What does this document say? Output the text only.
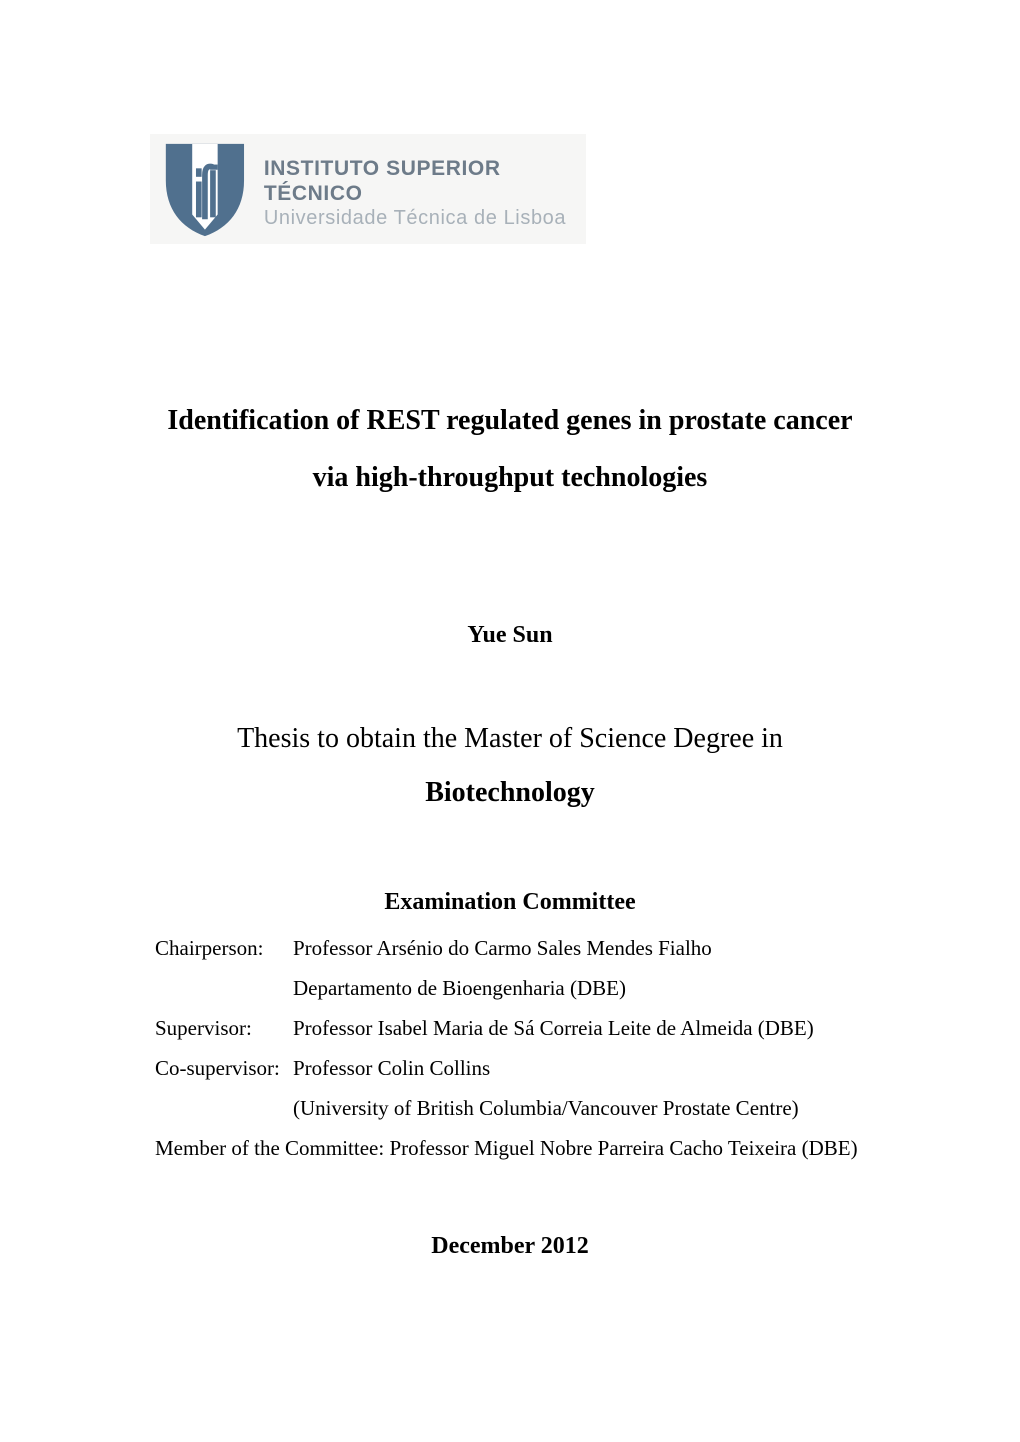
INSTITUTO SUPERIOR TÉCNICO
Universidade Técnica de Lisboa
Identification of REST regulated genes in prostate cancer
via high-throughput technologies
Yue Sun
Thesis to obtain the Master of Science Degree in
Biotechnology
Examination Committee
Chairperson:	Professor Arsénio do Carmo Sales Mendes Fialho
Departamento de Bioengenharia (DBE)
Supervisor:	Professor Isabel Maria de Sá Correia Leite de Almeida (DBE)
Co-supervisor: Professor Colin Collins
(University of British Columbia/Vancouver Prostate Centre)
Member of the Committee: Professor Miguel Nobre Parreira Cacho Teixeira (DBE)
December 2012
